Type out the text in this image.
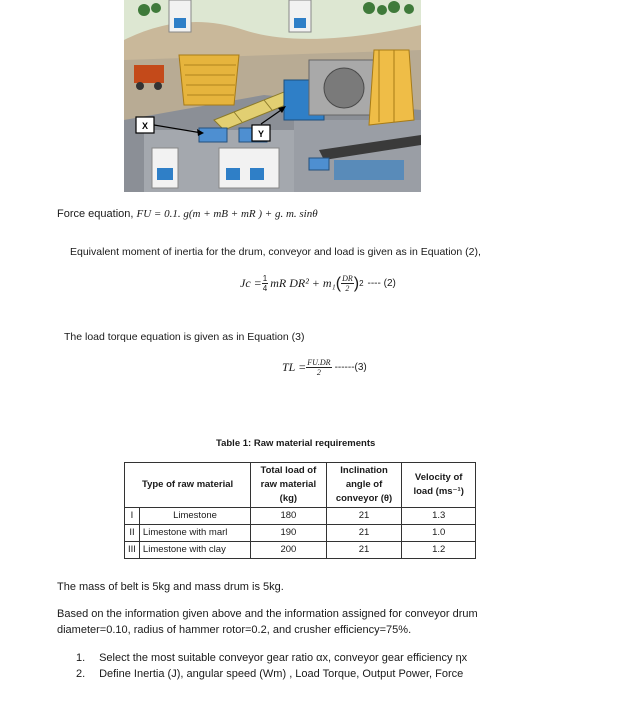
X
Y
Force equation, FU = 0.1. g(m + mB + mR ) + g. m. sinθ
Equivalent moment of inertia for the drum, conveyor and load is given as in Equation (2),
$Jc = \frac{1}{4}$ mR DR² + m₁ ( $\frac{DR}{2}$ ) 2 ---- (2)
The load torque equation is given as in Equation (3)
TL = $\frac{FU.DR}{2} ------(3)$
Table 1: Raw material requirements
Type of raw material		Total load of raw material (kg)	Inclination angle of conveyor (θ)	Velocity of load (ms⁻¹)
I	Limestone	180	21	1.3
II	Limestone with marl	190	21	1.0
III	Limestone with clay	200	21	1.2
The mass of belt is 5kg and mass drum is 5kg.
Based on the information given above and the information assigned for conveyor drum
diameter=0.10, radius of hammer rotor=0.2, and crusher efficiency=75%.
1. Select the most suitable conveyor gear ratio αx, conveyor gear efficiency ηx
2. Define Inertia (J), angular speed (Wm) , Load Torque, Output Power, Force
